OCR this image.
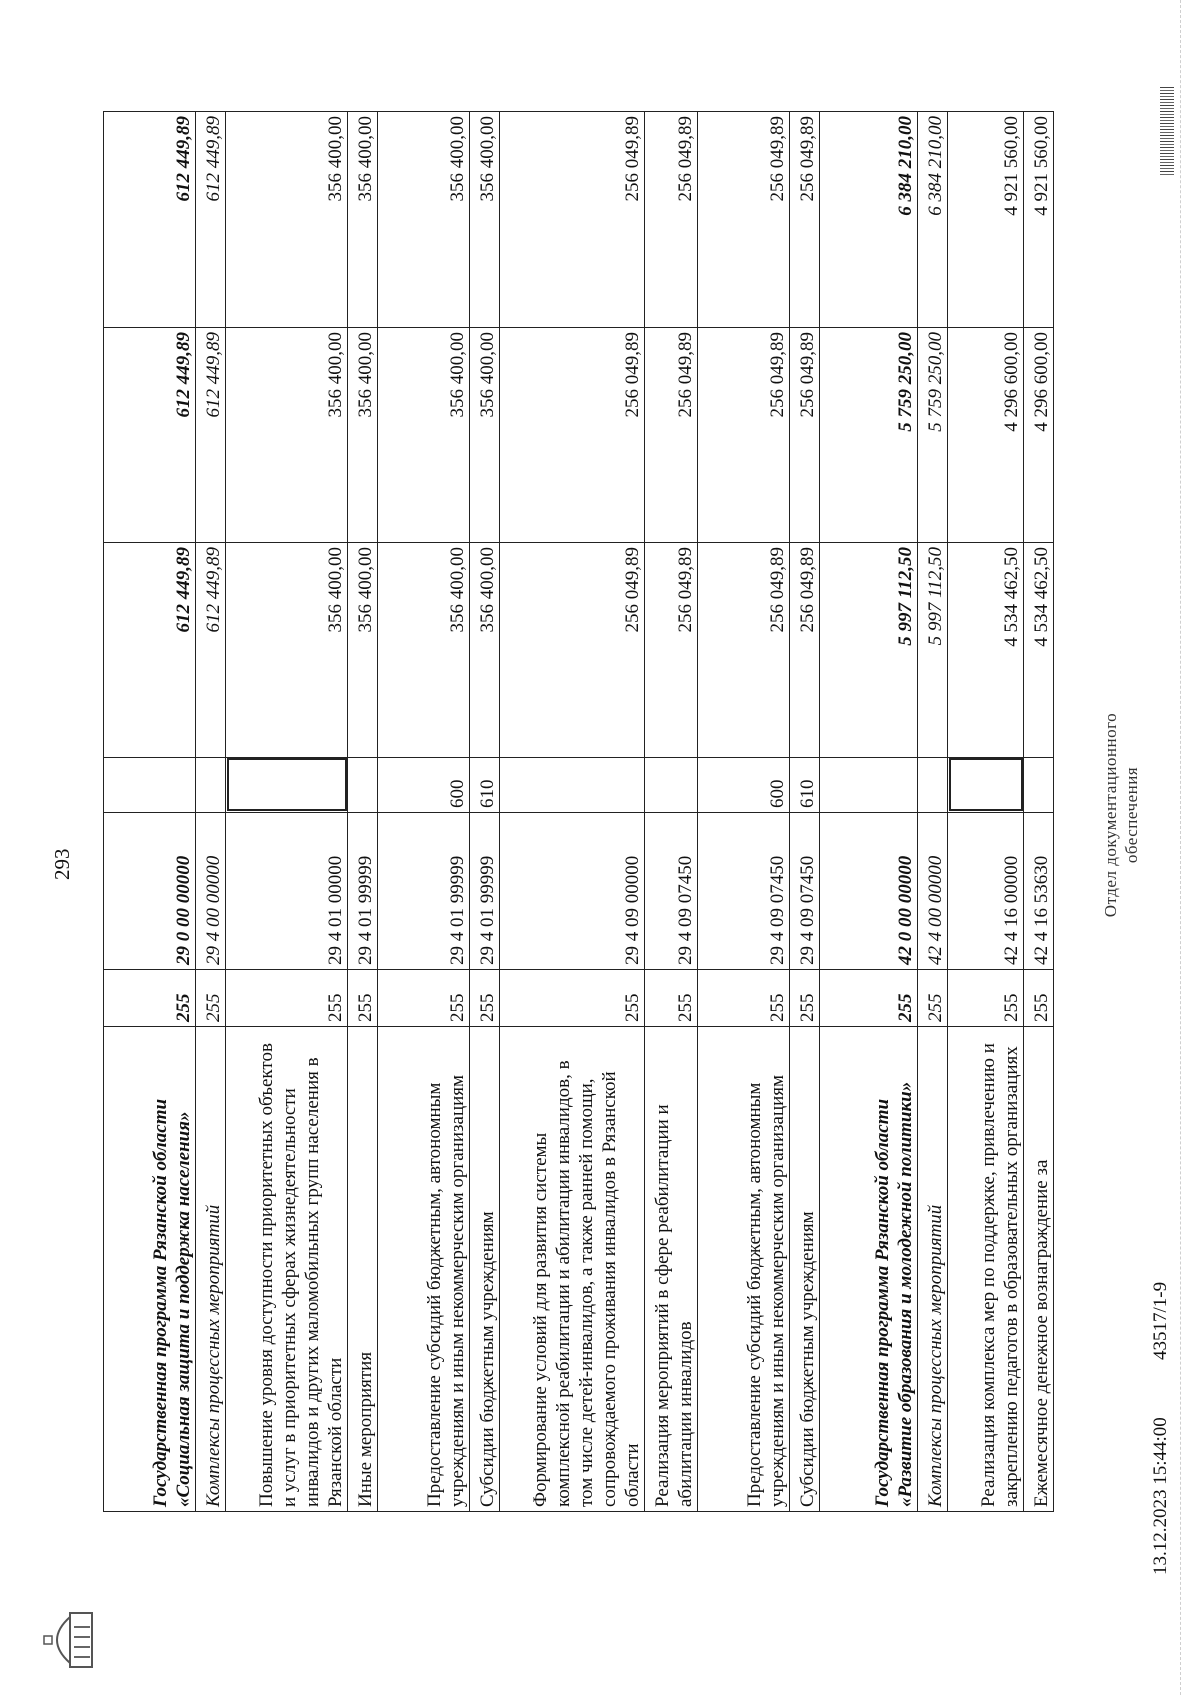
293
Государственная программа Рязанской области «Социальная защита и поддержка населения»	255	29 0 00 00000		612 449,89	612 449,89	612 449,89
Комплексы процессных мероприятий	255	29 4 00 00000		612 449,89	612 449,89	612 449,89
Повышение уровня доступности приоритетных объектов и услуг в приоритетных сферах жизнедеятельности инвалидов и других маломобильных групп населения в Рязанской области	255	29 4 01 00000		356 400,00	356 400,00	356 400,00
Иные мероприятия	255	29 4 01 99999		356 400,00	356 400,00	356 400,00
Предоставление субсидий бюджетным, автономным учреждениям и иным некоммерческим организациям	255	29 4 01 99999	600	356 400,00	356 400,00	356 400,00
Субсидии бюджетным учреждениям	255	29 4 01 99999	610	356 400,00	356 400,00	356 400,00
Формирование условий для развития системы комплексной реабилитации и абилитации инвалидов, в том числе детей-инвалидов, а также ранней помощи, сопровождаемого проживания инвалидов в Рязанской области	255	29 4 09 00000		256 049,89	256 049,89	256 049,89
Реализация мероприятий в сфере реабилитации и абилитации инвалидов	255	29 4 09 07450		256 049,89	256 049,89	256 049,89
Предоставление субсидий бюджетным, автономным учреждениям и иным некоммерческим организациям	255	29 4 09 07450	600	256 049,89	256 049,89	256 049,89
Субсидии бюджетным учреждениям	255	29 4 09 07450	610	256 049,89	256 049,89	256 049,89
Государственная программа Рязанской области «Развитие образования и молодежной политики»	255	42 0 00 00000		5 997 112,50	5 759 250,00	6 384 210,00
Комплексы процессных мероприятий	255	42 4 00 00000		5 997 112,50	5 759 250,00	6 384 210,00
Реализация комплекса мер по поддержке, привлечению и закреплению педагогов в образовательных организациях	255	42 4 16 00000		4 534 462,50	4 296 600,00	4 921 560,00
Ежемесячное денежное вознаграждение за	255	42 4 16 53630		4 534 462,50	4 296 600,00	4 921 560,00
13.12.2023 15:44:00
43517/1-9
Отдел документационного обеспечения
